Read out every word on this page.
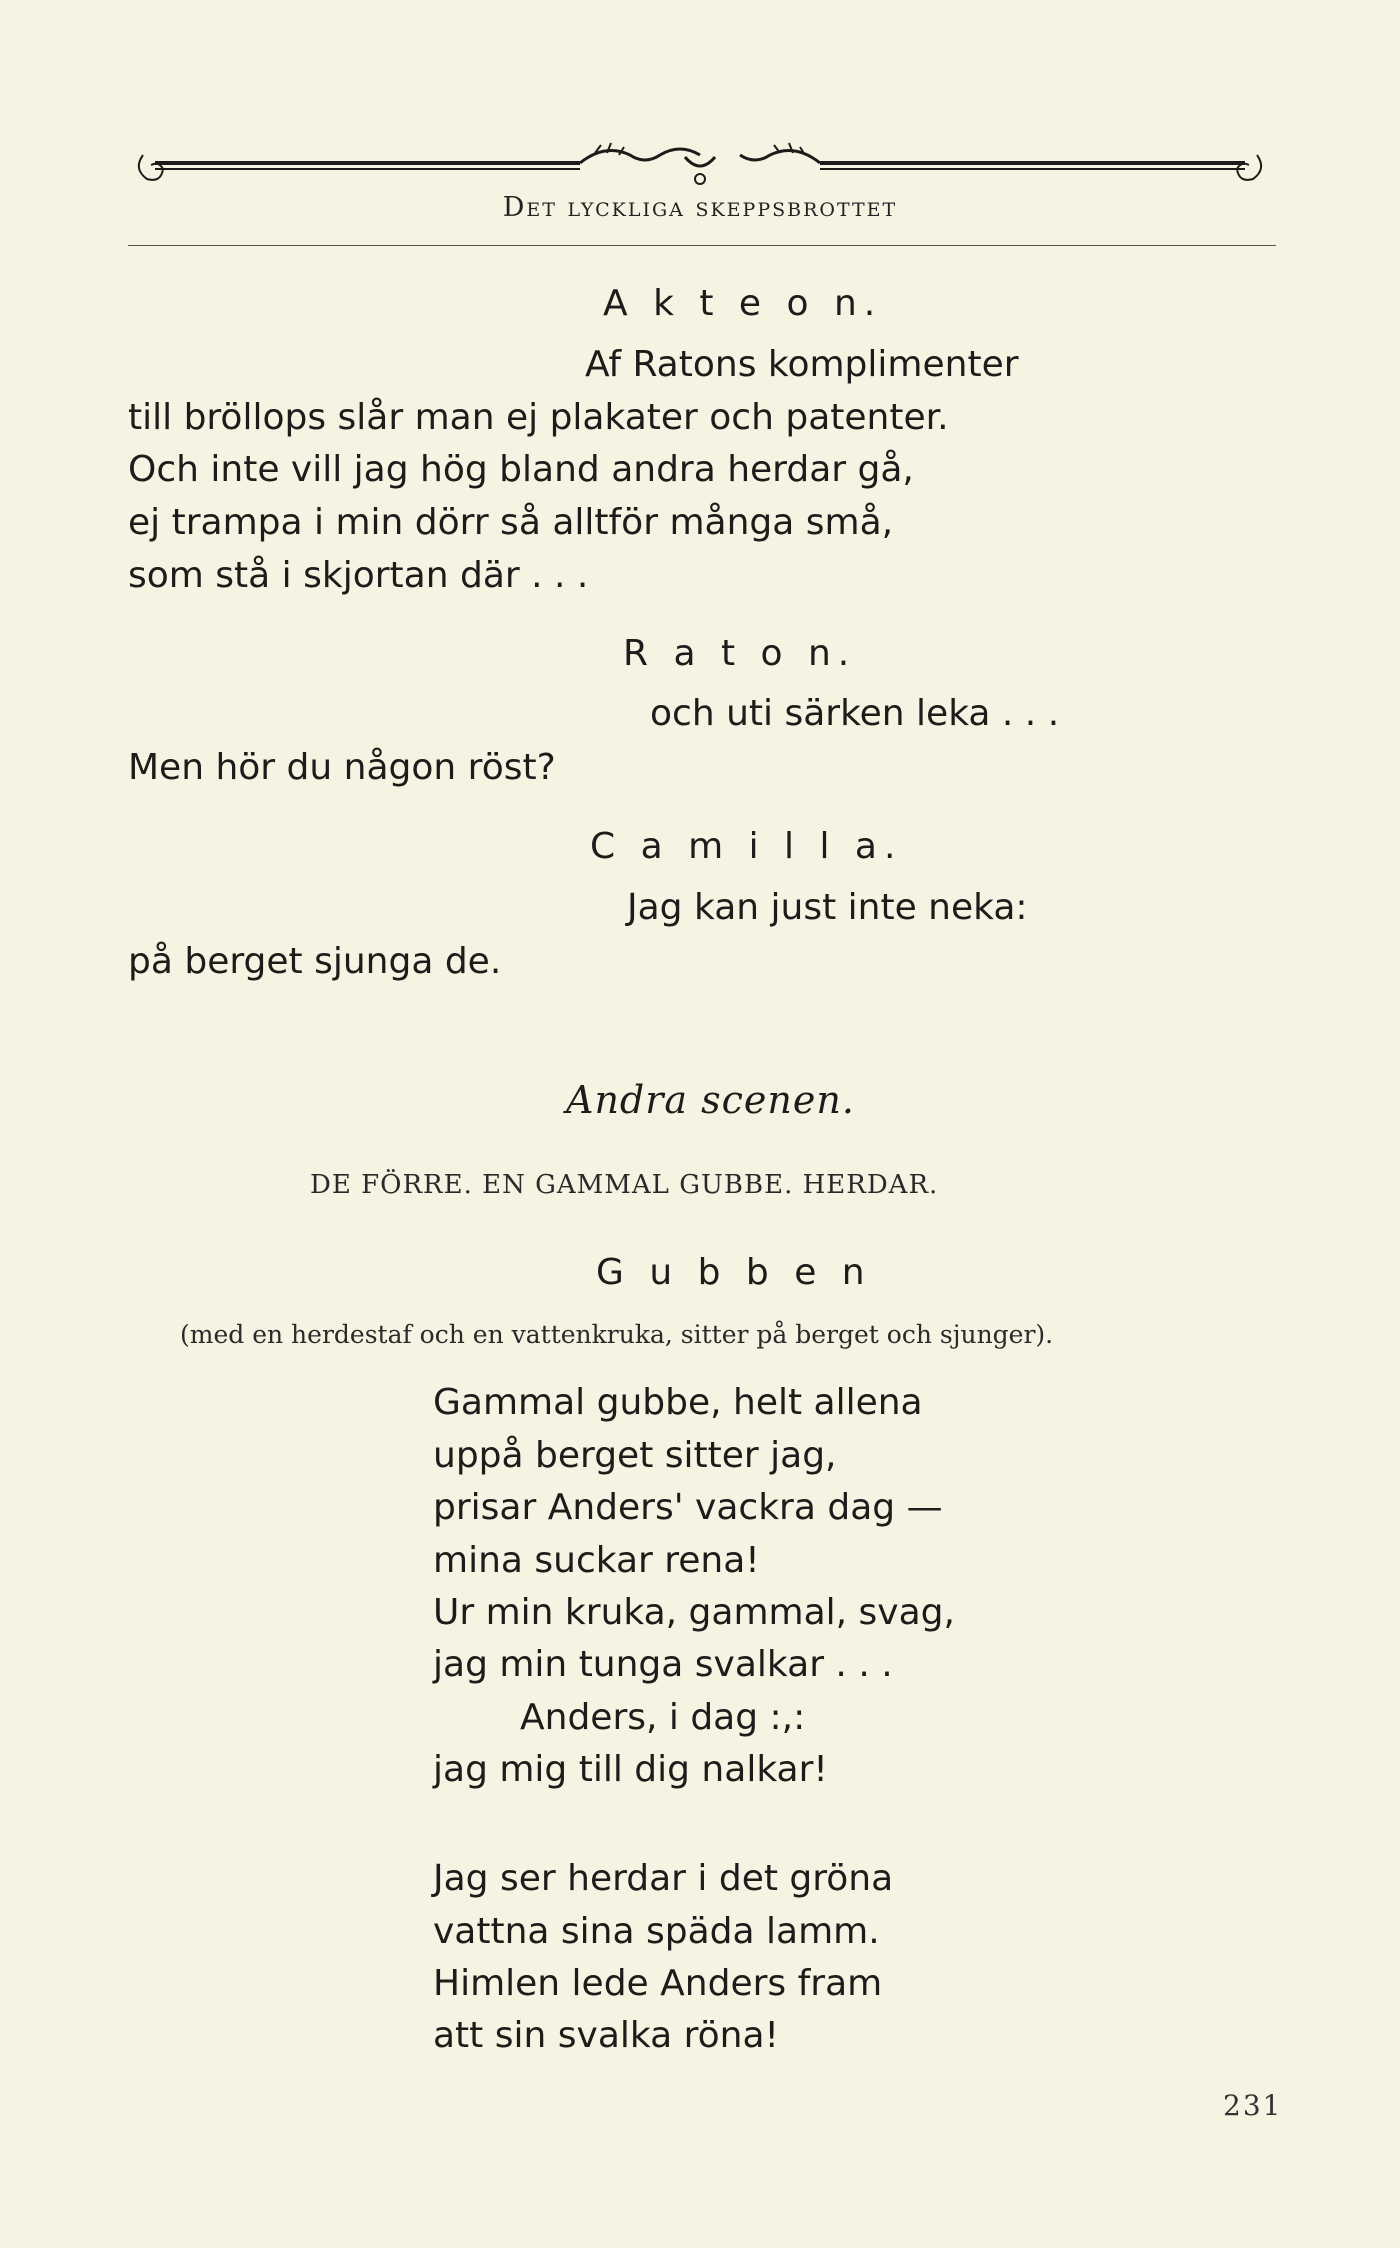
Det lyckliga skeppsbrottet
A k t e o n.
Af Ratons komplimenter
till bröllops slår man ej plakater och patenter.
Och inte vill jag hög bland andra herdar gå,
ej trampa i min dörr så alltför många små,
som stå i skjortan där . . .
R a t o n.
och uti särken leka . . .
Men hör du någon röst?
C a m i l l a.
Jag kan just inte neka:
på berget sjunga de.
Andra scenen.
DE FÖRRE. EN GAMMAL GUBBE. HERDAR.
G u b b e n
(med en herdestaf och en vattenkruka, sitter på berget och sjunger).
Gammal gubbe, helt allena
uppå berget sitter jag,
prisar Anders' vackra dag —
mina suckar rena!
Ur min kruka, gammal, svag,
jag min tunga svalkar . . .
Anders, i dag :,:
jag mig till dig nalkar!
Jag ser herdar i det gröna
vattna sina späda lamm.
Himlen lede Anders fram
att sin svalka röna!
231
